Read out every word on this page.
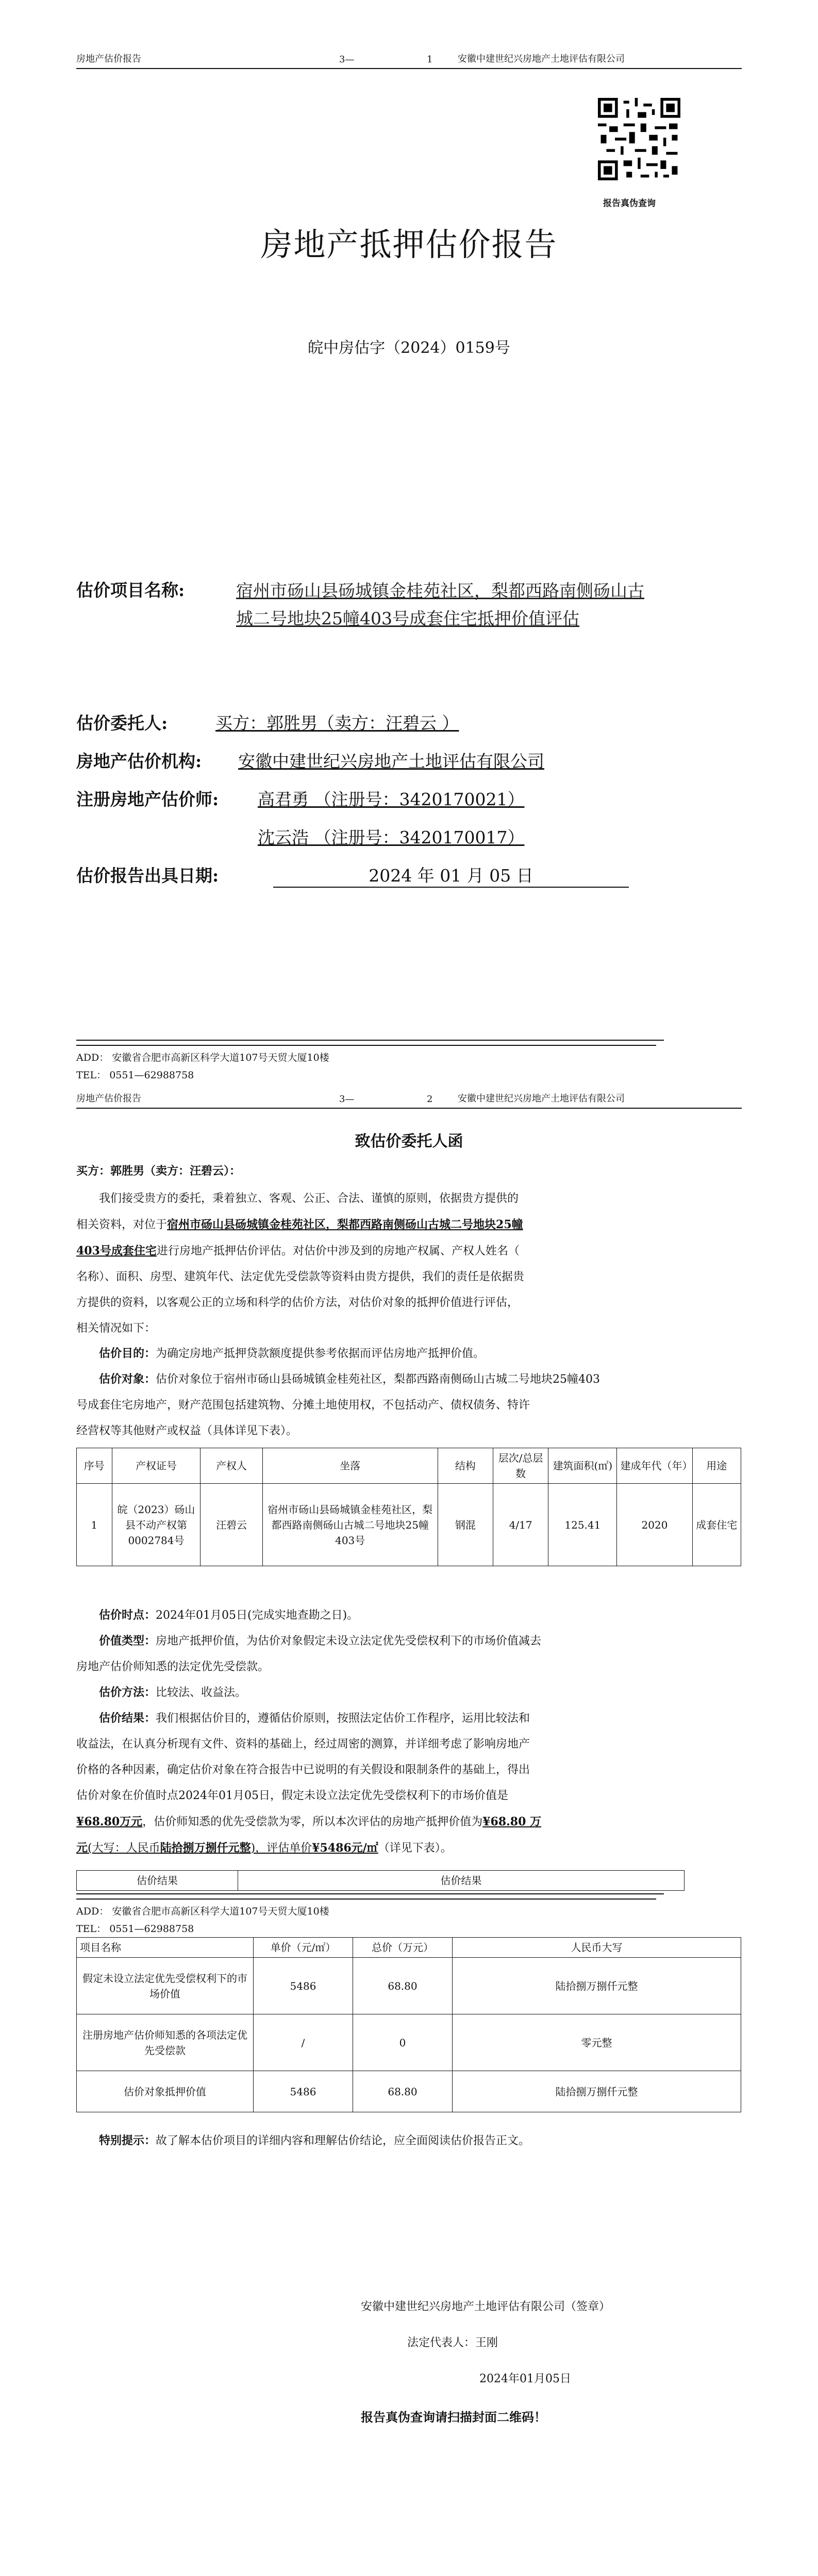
房地产估价报告	3—	1	安徽中建世纪兴房地产土地评估有限公司
报告真伪查询
房地产抵押估价报告
皖中房估字（2024）0159号
估价项目名称:	宿州市砀山县砀城镇金桂苑社区，梨都西路南侧砀山古城二号地块25幢403号成套住宅抵押价值评估
估价委托人:	买方：郭胜男（卖方：汪碧云 ）
房地产估价机构: 安徽中建世纪兴房地产土地评估有限公司
注册房地产估价师: 高君勇 （注册号：3420170021）
沈云浩 （注册号：3420170017）
估价报告出具日期:	2024 年 01 月 05 日
ADD： 安徽省合肥市高新区科学大道107号天贸大厦10楼
TEL： 0551—62988758
房地产估价报告	3—	2	安徽中建世纪兴房地产土地评估有限公司
致估价委托人函
买方：郭胜男（卖方：汪碧云）：
我们接受贵方的委托，秉着独立、客观、公正、合法、谨慎的原则，依据贵方提供的
相关资料，对位于宿州市砀山县砀城镇金桂苑社区，梨都西路南侧砀山古城二号地块25幢
403号成套住宅进行房地产抵押估价评估。对估价中涉及到的房地产权属、产权人姓名（
名称）、面积、房型、建筑年代、法定优先受偿款等资料由贵方提供，我们的责任是依据贵
方提供的资料，以客观公正的立场和科学的估价方法，对估价对象的抵押价值进行评估，
相关情况如下：
估价目的：为确定房地产抵押贷款额度提供参考依据而评估房地产抵押价值。
估价对象：估价对象位于宿州市砀山县砀城镇金桂苑社区，梨都西路南侧砀山古城二号地块25幢403
号成套住宅房地产，财产范围包括建筑物、分摊土地使用权，不包括动产、债权债务、特许
经营权等其他财产或权益（具体详见下表）。
序号	产权证号	产权人	坐落	结构	层次/总层数	建筑面积(㎡)	建成年代（年）	用途
1	皖（2023）砀山县不动产权第0002784号	汪碧云	宿州市砀山县砀城镇金桂苑社区，梨都西路南侧砀山古城二号地块25幢403号	钢混	4/17	125.41	2020	成套住宅
估价时点：2024年01月05日(完成实地查勘之日)。
价值类型：房地产抵押价值，为估价对象假定未设立法定优先受偿权利下的市场价值减去
房地产估价师知悉的法定优先受偿款。
估价方法：比较法、收益法。
估价结果：我们根据估价目的，遵循估价原则，按照法定估价工作程序，运用比较法和
收益法，在认真分析现有文件、资料的基础上，经过周密的测算，并详细考虑了影响房地产
价格的各种因素，确定估价对象在符合报告中已说明的有关假设和限制条件的基础上，得出
估价对象在价值时点2024年01月05日，假定未设立法定优先受偿权利下的市场价值是
¥68.80万元，估价师知悉的优先受偿款为零，所以本次评估的房地产抵押价值为¥68.80 万
元(大写：人民币陆拾捌万捌仟元整)，评估单价¥5486元/㎡（详见下表）。
估价结果	估价结果
ADD： 安徽省合肥市高新区科学大道107号天贸大厦10楼
TEL： 0551—62988758
项目名称	单价（元/㎡）	总价（万元）	人民币大写
假定未设立法定优先受偿权利下的市场价值	5486	68.80	陆拾捌万捌仟元整
注册房地产估价师知悉的各项法定优先受偿款	/	0	零元整
估价对象抵押价值	5486	68.80	陆拾捌万捌仟元整
特别提示：故了解本估价项目的详细内容和理解估价结论，应全面阅读估价报告正文。
安徽中建世纪兴房地产土地评估有限公司（签章）
法定代表人：王刚
2024年01月05日
报告真伪查询请扫描封面二维码！
